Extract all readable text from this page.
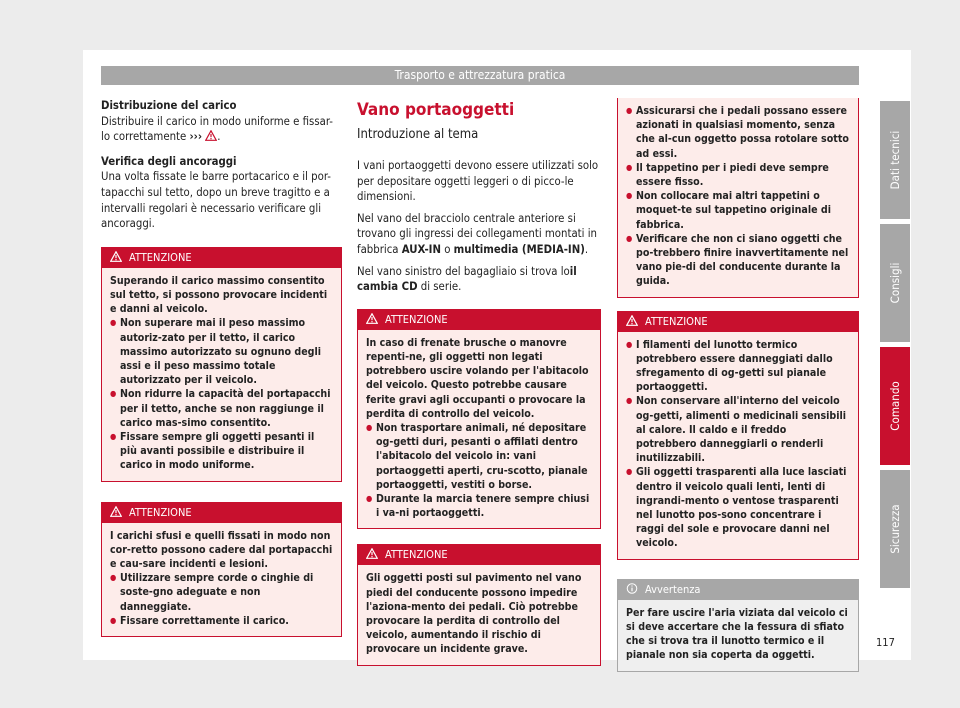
Trasporto e attrezzatura pratica

Distribuzione del carico

Distribuire il carico in modo uniforme e fissar-lo correttamente ››› .

Verifica degli ancoraggi

Una volta fissate le barre portacarico e il por-tapacchi sul tetto, dopo un breve tragitto e a intervalli regolari è necessario verificare gli ancoraggi.

ATTENZIONE

Superando il carico massimo consentito sul tetto, si possono provocare incidenti e danni al veicolo.

● Non superare mai il peso massimo autoriz-zato per il tetto, il carico massimo autorizzato su ognuno degli assi e il peso massimo totale autorizzato per il veicolo.

● Non ridurre la capacità del portapacchi per il tetto, anche se non raggiunge il carico mas-simo consentito.

● Fissare sempre gli oggetti pesanti il più avanti possibile e distribuire il carico in modo uniforme.

ATTENZIONE

I carichi sfusi e quelli fissati in modo non cor-retto possono cadere dal portapacchi e cau-sare incidenti e lesioni.

● Utilizzare sempre corde o cinghie di soste-gno adeguate e non danneggiate.

● Fissare correttamente il carico.

Vano portaoggetti
Introduzione al tema

I vani portaoggetti devono essere utilizzati solo per depositare oggetti leggeri o di picco-le dimensioni.

Nel vano del bracciolo centrale anteriore si trovano gli ingressi dei collegamenti montati in fabbrica AUX-IN o multimedia (MEDIA-IN).

Nel vano sinistro del bagagliaio si trova loil cambia CD di serie.

ATTENZIONE

In caso di frenate brusche o manovre repenti-ne, gli oggetti non legati potrebbero uscire volando per l'abitacolo del veicolo. Questo potrebbe causare ferite gravi agli occupanti o provocare la perdita di controllo del veicolo.

● Non trasportare animali, né depositare og-getti duri, pesanti o affilati dentro l'abitacolo del veicolo in: vani portaoggetti aperti, cru-scotto, pianale portaoggetti, vestiti o borse.

● Durante la marcia tenere sempre chiusi i va-ni portaoggetti.

ATTENZIONE

Gli oggetti posti sul pavimento nel vano piedi del conducente possono impedire l'aziona-mento dei pedali. Ciò potrebbe provocare la perdita di controllo del veicolo, aumentando il rischio di provocare un incidente grave.

● Assicurarsi che i pedali possano essere azionati in qualsiasi momento, senza che al-cun oggetto possa rotolare sotto ad essi.

● Il tappetino per i piedi deve sempre essere fisso.

● Non collocare mai altri tappetini o moquet-te sul tappetino originale di fabbrica.

● Verificare che non ci siano oggetti che po-trebbero finire inavvertitamente nel vano pie-di del conducente durante la guida.

ATTENZIONE

● I filamenti del lunotto termico potrebbero essere danneggiati dallo sfregamento di og-getti sul pianale portaoggetti.

● Non conservare all'interno del veicolo og-getti, alimenti o medicinali sensibili al calore. Il caldo e il freddo potrebbero danneggiarli o renderli inutilizzabili.

● Gli oggetti trasparenti alla luce lasciati dentro il veicolo quali lenti, lenti di ingrandi-mento o ventose trasparenti nel lunotto pos-sono concentrare i raggi del sole e provocare danni nel veicolo.

Avvertenza

Per fare uscire l'aria viziata dal veicolo ci si deve accertare che la fessura di sfiato che si trova tra il lunotto termico e il pianale non sia coperta da oggetti.

Dati tecnici
Consigli
Comando
Sicurezza
117
